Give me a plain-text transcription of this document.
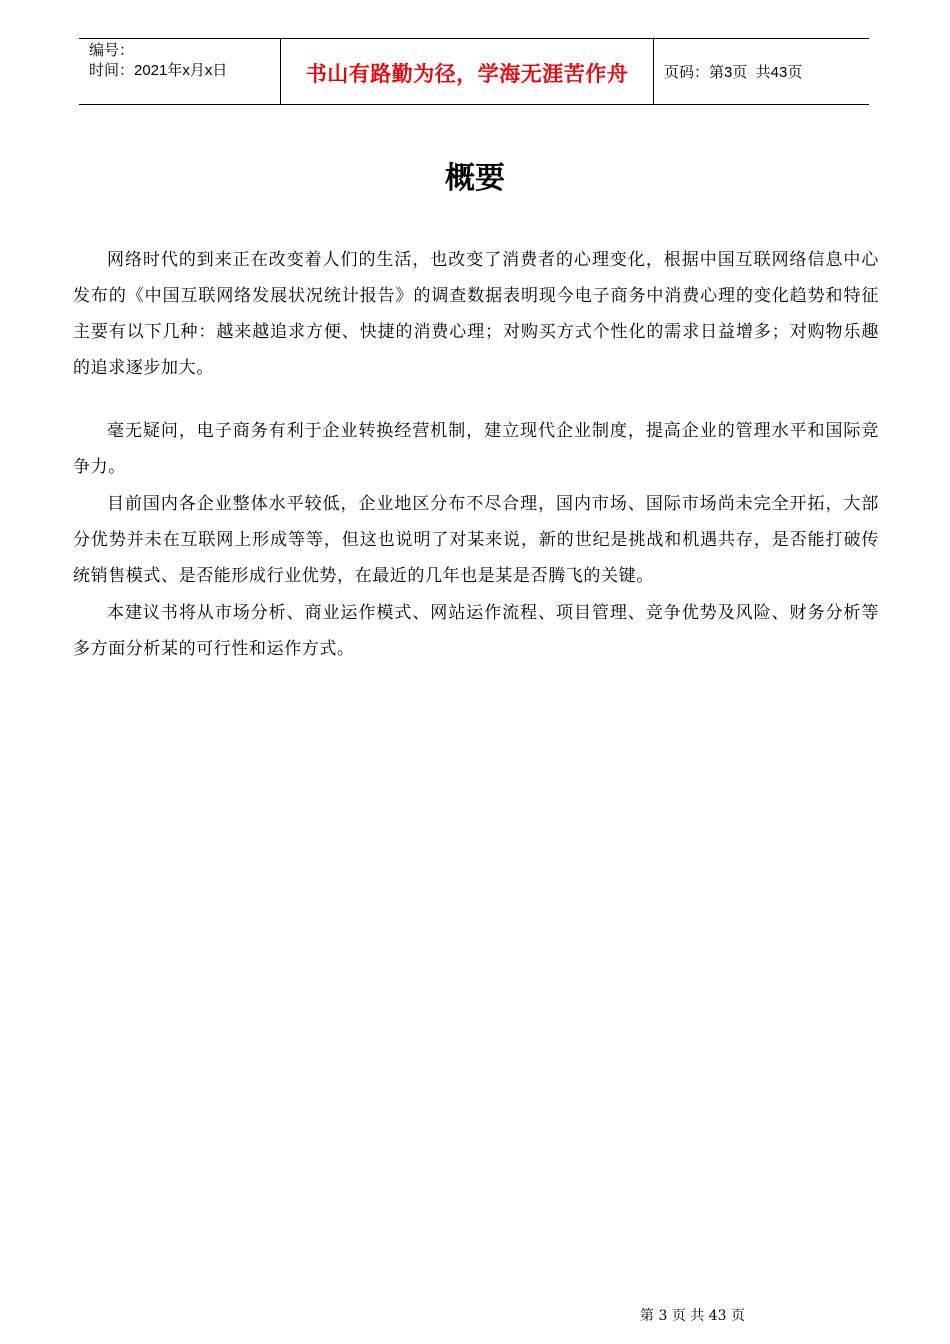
编号：
时间：2021年x月x日	书山有路勤为径，学海无涯苦作舟 页码：第3页  共43页
概要

网络时代的到来正在改变着人们的生活，也改变了消费者的心理变化，根据中国互联网络信息中心发布的《中国互联网络发展状况统计报告》的调查数据表明现今电子商务中消费心理的变化趋势和特征主要有以下几种：越来越追求方便、快捷的消费心理；对购买方式个性化的需求日益增多；对购物乐趣的追求逐步加大。

毫无疑问，电子商务有利于企业转换经营机制，建立现代企业制度，提高企业的管理水平和国际竞争力。

目前国内各企业整体水平较低，企业地区分布不尽合理，国内市场、国际市场尚未完全开拓，大部分优势并未在互联网上形成等等，但这也说明了对某来说，新的世纪是挑战和机遇共存，是否能打破传统销售模式、是否能形成行业优势，在最近的几年也是某是否腾飞的关键。

本建议书将从市场分析、商业运作模式、网站运作流程、项目管理、竞争优势及风险、财务分析等多方面分析某的可行性和运作方式。

第 3 页 共 43 页
